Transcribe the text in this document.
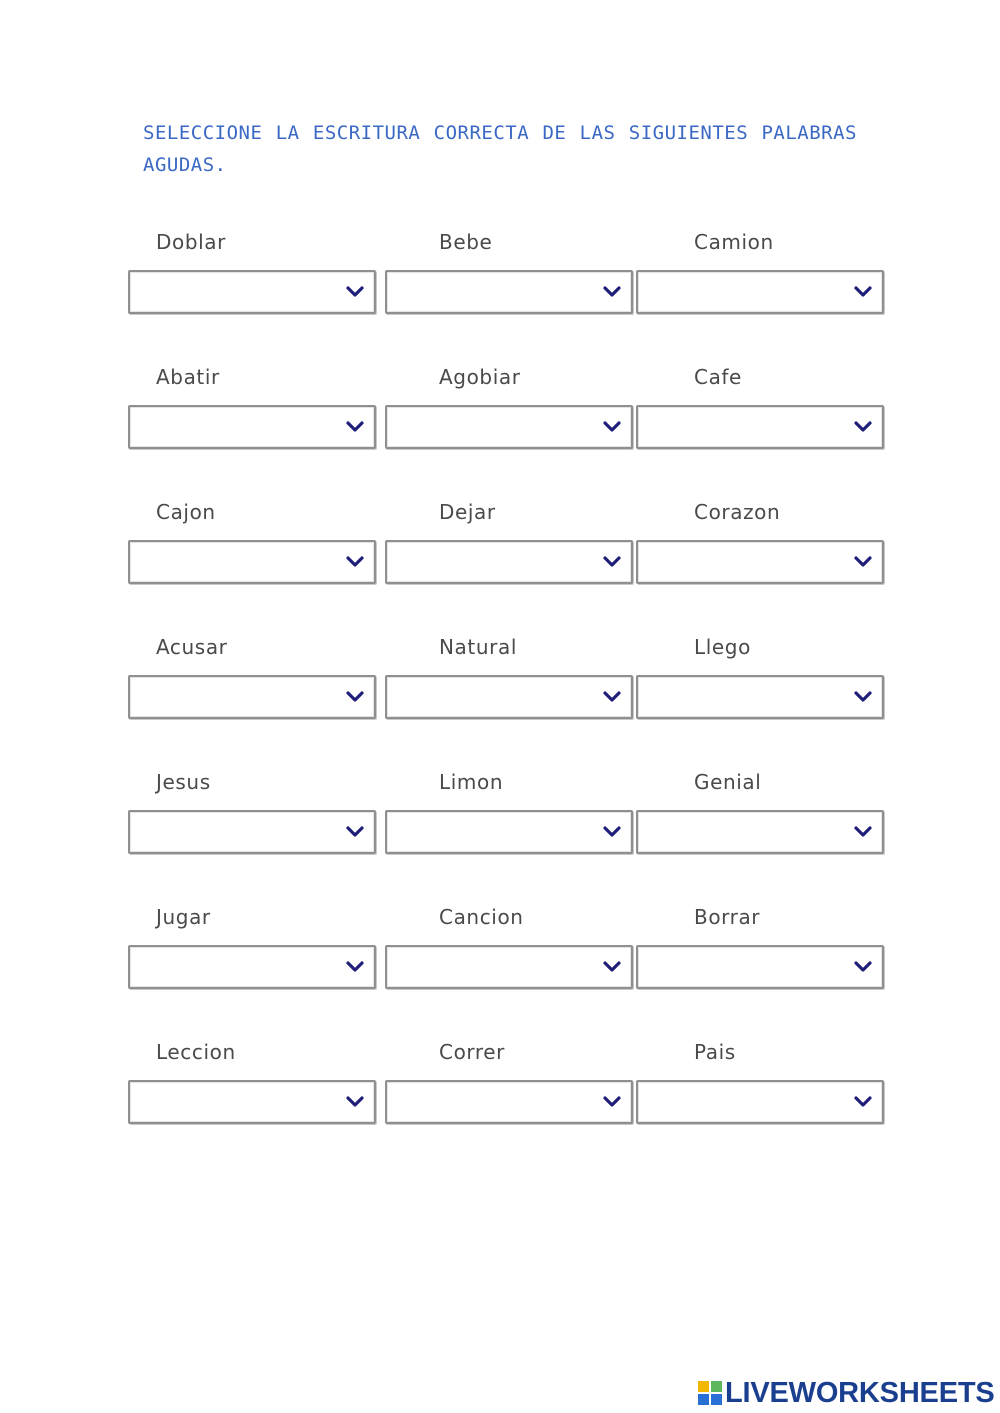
SELECCIONE LA ESCRITURA CORRECTA DE LAS SIGUIENTES PALABRAS AGUDAS.

Doblar	Bebe	Camion
Abatir	Agobiar	Cafe
Cajon	Dejar	Corazon
Acusar	Natural	Llego
Jesus	Limon	Genial
Jugar	Cancion	Borrar
Leccion	Correr	Pais
LIVEWORKSHEETS
